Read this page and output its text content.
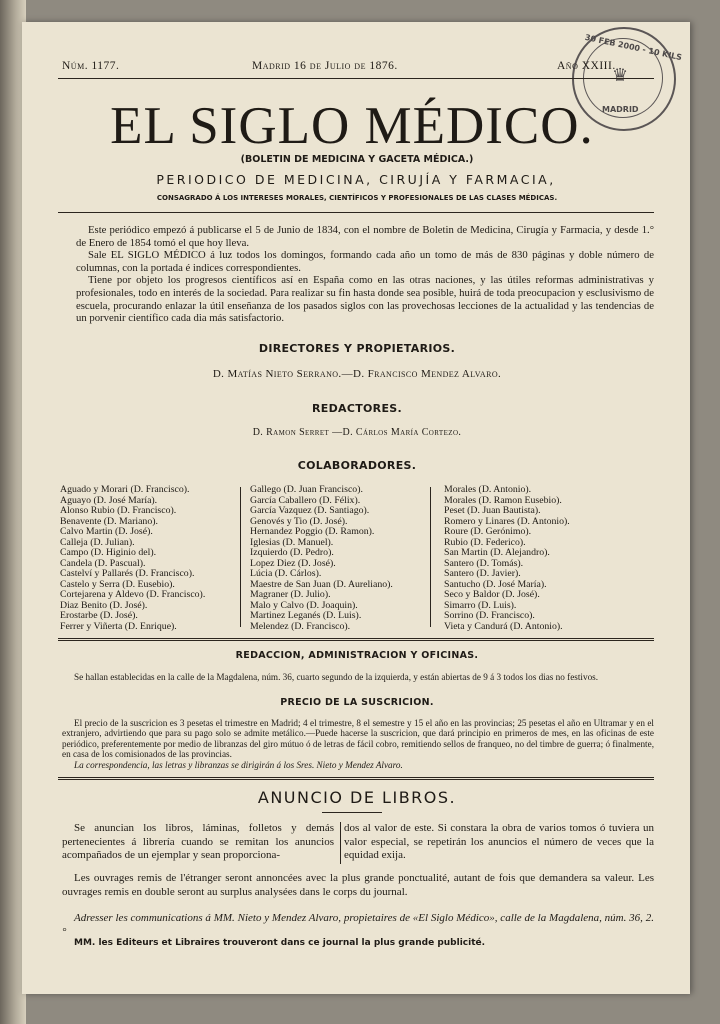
30 FEB 2000 - 10 KILS
MADRID
♛
Núm. 1177.	Madrid 16 de Julio de 1876.	Año XXIII.
EL SIGLO MÉDICO.
(BOLETIN DE MEDICINA Y GACETA MÉDICA.)
PERIODICO DE MEDICINA, CIRUJÍA Y FARMACIA,
CONSAGRADO Á LOS INTERESES MORALES, CIENTÍFICOS Y PROFESIONALES DE LAS CLASES MÉDICAS.
Este periódico empezó á publicarse el 5 de Junio de 1834, con el nombre de Boletin de Medicina, Cirugía y Farmacia, y desde 1.° de Enero de 1854 tomó el que hoy lleva.
Sale EL SIGLO MÉDICO á luz todos los domingos, formando cada año un tomo de más de 830 páginas y doble número de columnas, con la portada é indices correspondientes.
Tiene por objeto los progresos científicos así en España como en las otras naciones, y las útiles reformas administrativas y profesionales, todo en interés de la sociedad. Para realizar su fin hasta donde sea posible, huirá de toda preocupacion y esclusivismo de escuela, procurando enlazar la útil enseñanza de los pasados siglos con las provechosas lecciones de la actualidad y las tendencias de un porvenir científico cada dia más satisfactorio.
DIRECTORES Y PROPIETARIOS.
D. Matías Nieto Serrano.—D. Francisco Mendez Alvaro.
REDACTORES.
D. Ramon Serret —D. Cárlos María Cortezo.
COLABORADORES.
Aguado y Morari (D. Francisco).
Aguayo (D. José María).
Alonso Rubio (D. Francisco).
Benavente (D. Mariano).
Calvo Martin (D. José).
Calleja (D. Julian).
Campo (D. Higinio del).
Candela (D. Pascual).
Castelví y Pallarés (D. Francisco).
Castelo y Serra (D. Eusebio).
Cortejarena y Aldevo (D. Francisco).
Diaz Benito (D. José).
Erostarbe (D. José).
Ferrer y Viñerta (D. Enrique).
Gallego (D. Juan Francisco).
García Caballero (D. Félix).
García Vazquez (D. Santiago).
Genovés y Tio (D. José).
Hernandez Poggio (D. Ramon).
Iglesias (D. Manuel).
Izquierdo (D. Pedro).
Lopez Diez (D. José).
Lúcia (D. Cárlos).
Maestre de San Juan (D. Aureliano).
Magraner (D. Julio).
Malo y Calvo (D. Joaquin).
Martinez Leganés (D. Luis).
Melendez (D. Francisco).
Morales (D. Antonio).
Morales (D. Ramon Eusebio).
Peset (D. Juan Bautista).
Romero y Linares (D. Antonio).
Roure (D. Gerónimo).
Rubio (D. Federico).
San Martin (D. Alejandro).
Santero (D. Tomás).
Santero (D. Javier).
Santucho (D. José María).
Seco y Baldor (D. José).
Simarro (D. Luis).
Sorrino (D. Francisco).
Vieta y Candurá (D. Antonio).
REDACCION, ADMINISTRACION Y OFICINAS.
Se hallan establecidas en la calle de la Magdalena, núm. 36, cuarto segundo de la izquierda, y están abiertas de 9 á 3 todos los dias no festivos.
PRECIO DE LA SUSCRICION.
El precio de la suscricion es 3 pesetas el trimestre en Madrid; 4 el trimestre, 8 el semestre y 15 el año en las provincias; 25 pesetas el año en Ultramar y en el extranjero, advirtiendo que para su pago solo se admite metálico.—Puede hacerse la suscricion, que dará principio en primeros de mes, en las oficinas de este periódico, preferentemente por medio de libranzas del giro mútuo ó de letras de fácil cobro, remitiendo sellos de franqueo, no del timbre de guerra; ó finalmente, en casa de los comisionados de las provincias.
La correspondencia, las letras y libranzas se dirigirán á los Sres. Nieto y Mendez Alvaro.
ANUNCIO DE LIBROS.
Se anuncian los libros, láminas, folletos y demás pertenecientes á librería cuando se remitan los anuncios acompañados de un ejemplar y sean proporciona-
dos al valor de este. Si constara la obra de varios tomos ó tuviera un valor especial, se repetirán los anuncios el número de veces que la equidad exija.
Les ouvrages remis de l'étranger seront annoncées avec la plus grande ponctualité, autant de fois que demandera sa valeur. Les ouvrages remis en double seront au surplus analysées dans le corps du journal.
Adresser les communications á MM. Nieto y Mendez Alvaro, propietaires de «El Siglo Médico», calle de la Magdalena, núm. 36, 2.°
MM. les Editeurs et Libraires trouveront dans ce journal la plus grande publicité.
